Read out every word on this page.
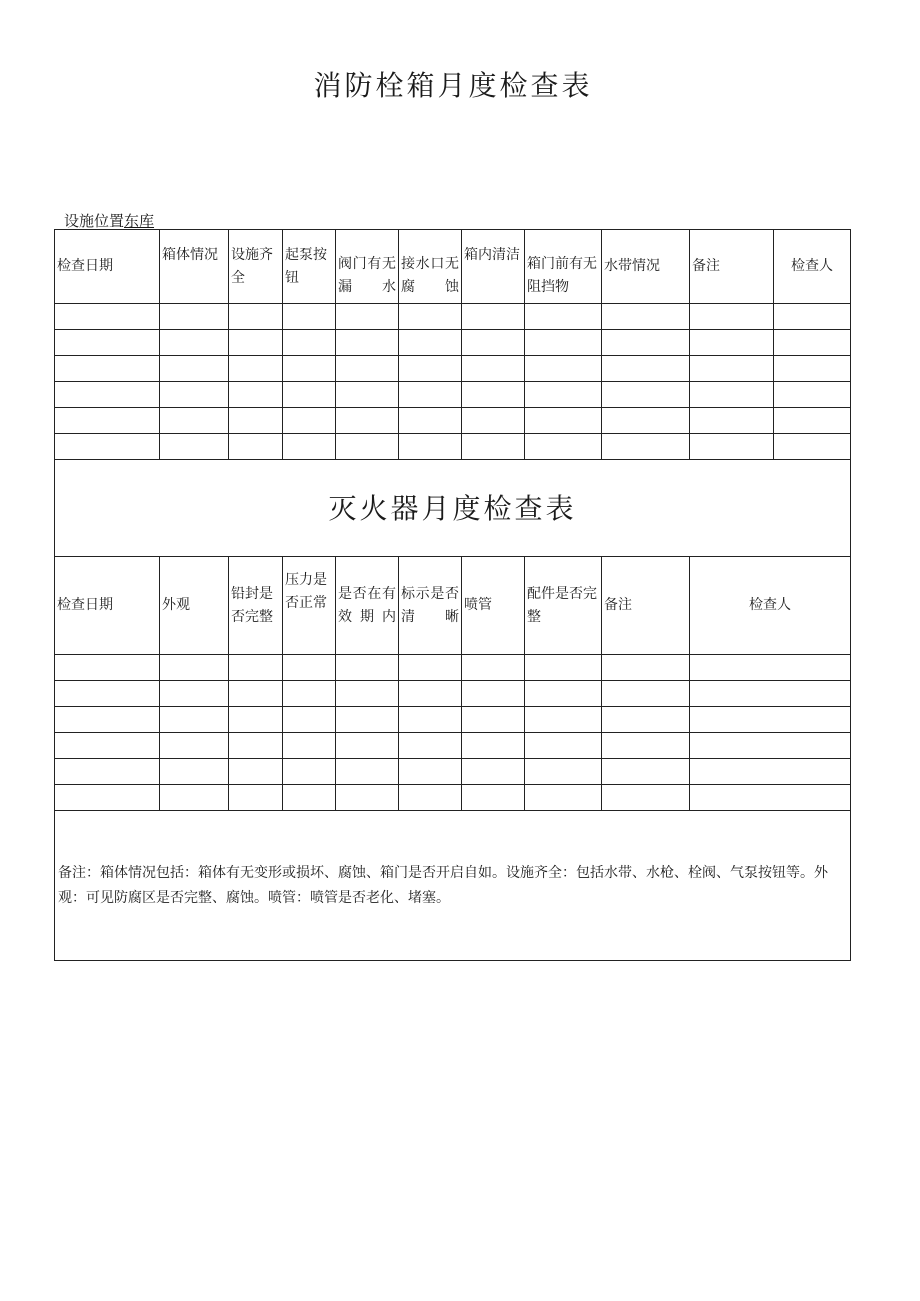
消防栓箱月度检查表
设施位置东库
检查日期	箱体情况	设施齐全	起泵按钮	阀门有无漏水	接水口无腐蚀	箱内清洁	箱门前有无阻挡物	水带情况	备注	检查人

灭火器月度检查表										
检查日期	外观	铅封是否完整	压力是否正常	是否在有效期内	标示是否清晰	喷管	配件是否完整	备注	检查人	

备注：箱体情况包括：箱体有无变形或损坏、腐蚀、箱门是否开启自如。设施齐全：包括水带、水枪、栓阀、气泵按钮等。外观：可见防腐区是否完整、腐蚀。喷管：喷管是否老化、堵塞。										
